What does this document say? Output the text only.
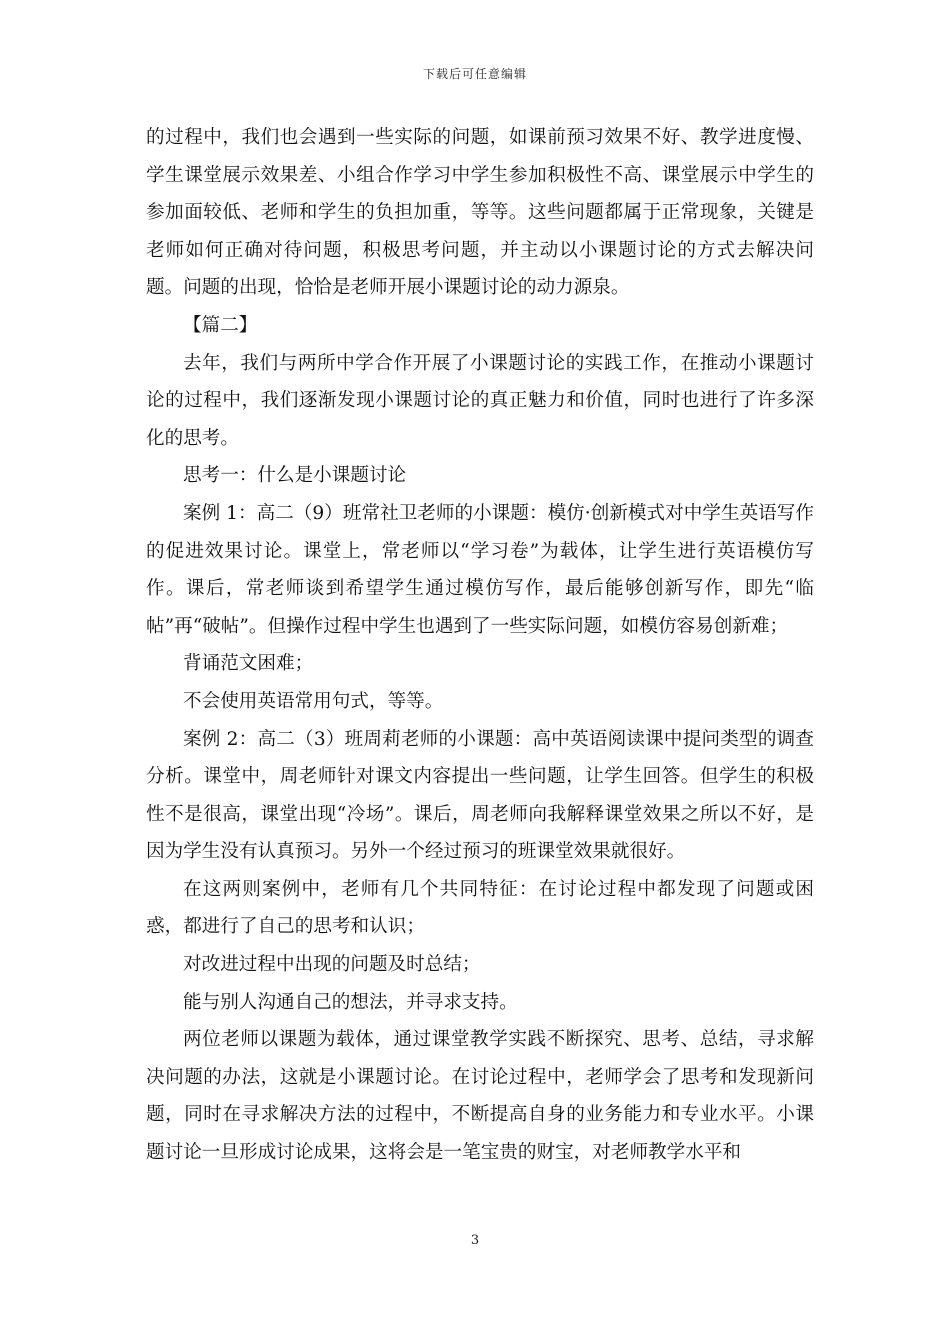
下载后可任意编辑

的过程中，我们也会遇到一些实际的问题，如课前预习效果不好、教学进度慢、学生课堂展示效果差、小组合作学习中学生参加积极性不高、课堂展示中学生的参加面较低、老师和学生的负担加重，等等。这些问题都属于正常现象，关键是老师如何正确对待问题，积极思考问题，并主动以小课题讨论的方式去解决问题。问题的出现，恰恰是老师开展小课题讨论的动力源泉。

【篇二】

去年，我们与两所中学合作开展了小课题讨论的实践工作，在推动小课题讨论的过程中，我们逐渐发现小课题讨论的真正魅力和价值，同时也进行了许多深化的思考。

思考一：什么是小课题讨论

案例 1：高二（9）班常社卫老师的小课题：模仿·创新模式对中学生英语写作的促进效果讨论。课堂上，常老师以“学习卷”为载体，让学生进行英语模仿写作。课后，常老师谈到希望学生通过模仿写作，最后能够创新写作，即先“临帖”再“破帖”。但操作过程中学生也遇到了一些实际问题，如模仿容易创新难；

背诵范文困难；

不会使用英语常用句式，等等。

案例 2：高二（3）班周莉老师的小课题：高中英语阅读课中提问类型的调查分析。课堂中，周老师针对课文内容提出一些问题，让学生回答。但学生的积极性不是很高，课堂出现“冷场”。课后，周老师向我解释课堂效果之所以不好，是因为学生没有认真预习。另外一个经过预习的班课堂效果就很好。

在这两则案例中，老师有几个共同特征：在讨论过程中都发现了问题或困惑，都进行了自己的思考和认识；

对改进过程中出现的问题及时总结；

能与别人沟通自己的想法，并寻求支持。

两位老师以课题为载体，通过课堂教学实践不断探究、思考、总结，寻求解决问题的办法，这就是小课题讨论。在讨论过程中，老师学会了思考和发现新问题，同时在寻求解决方法的过程中，不断提高自身的业务能力和专业水平。小课题讨论一旦形成讨论成果，这将会是一笔宝贵的财宝，对老师教学水平和

3
